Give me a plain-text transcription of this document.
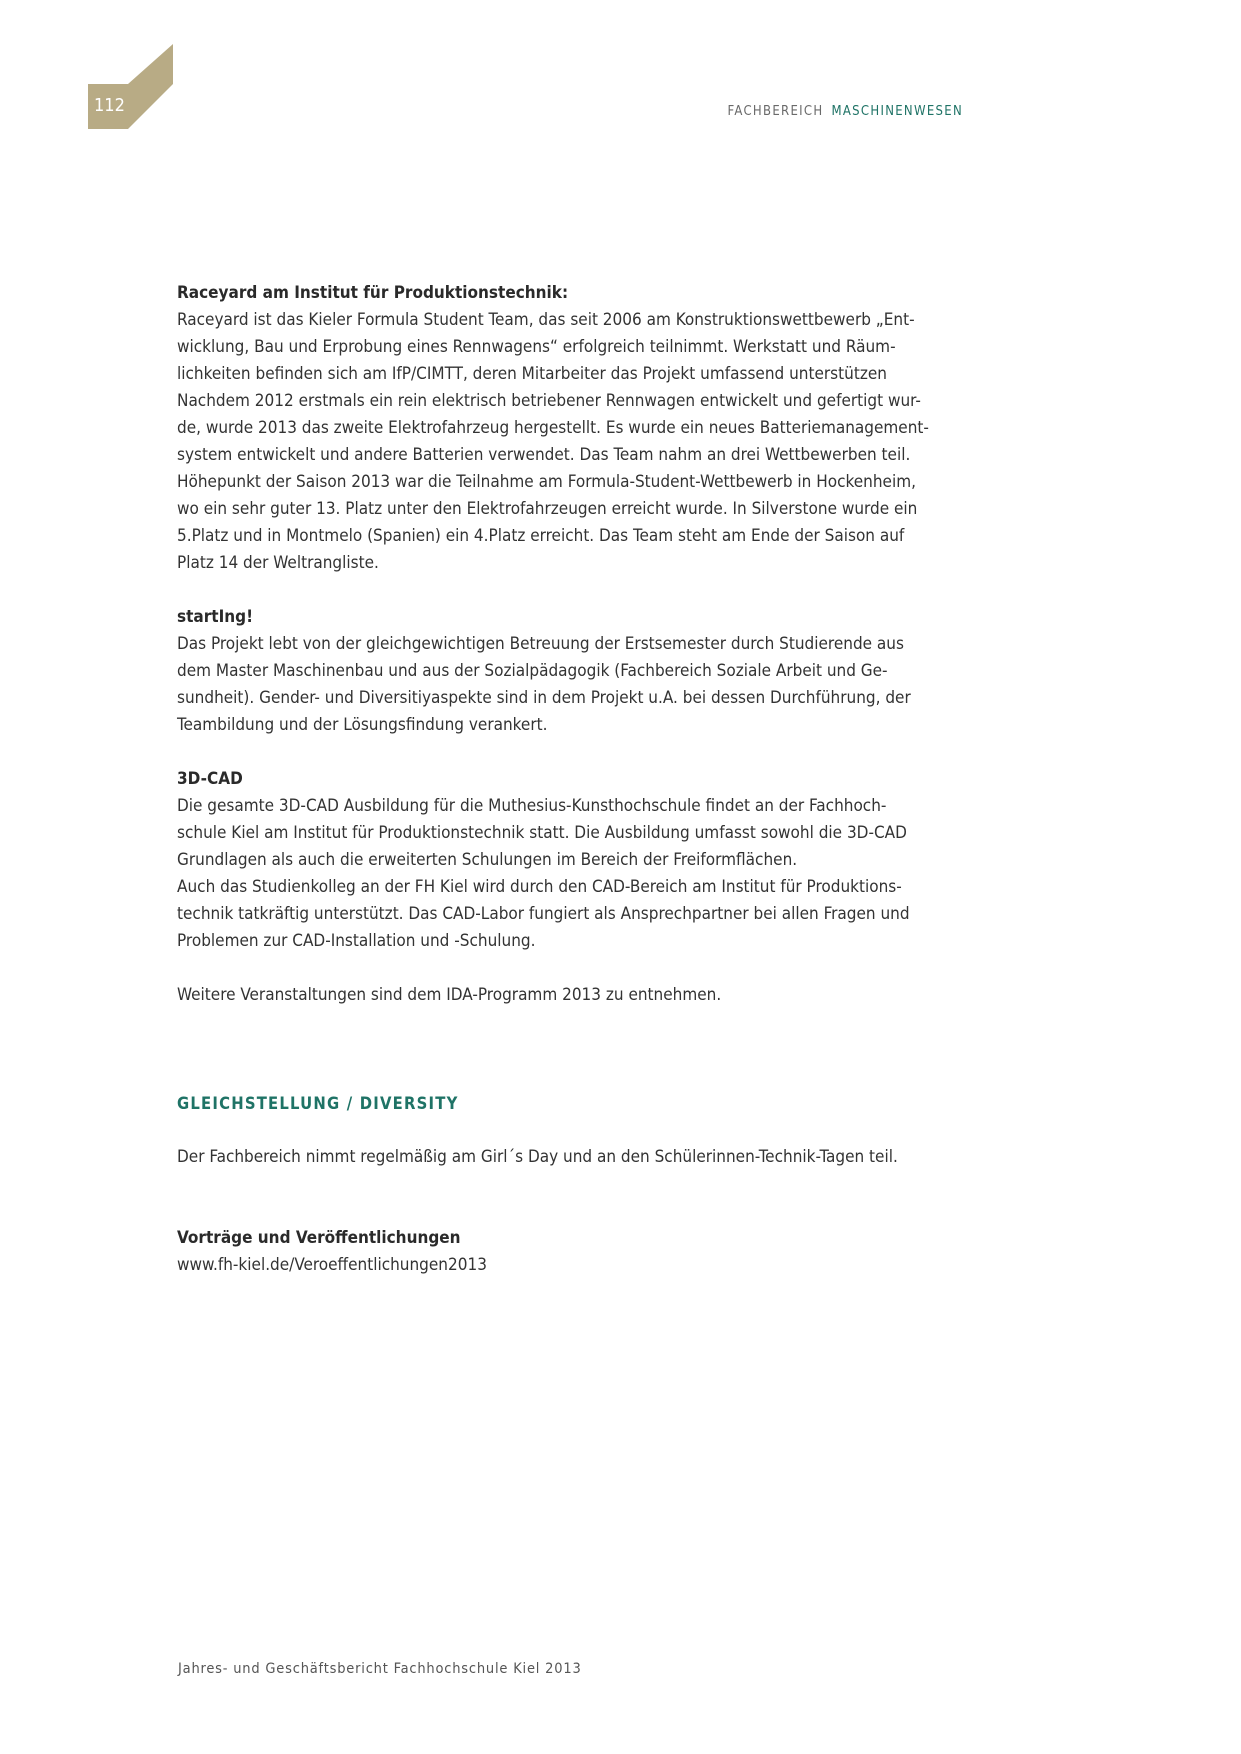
112	FACHBEREICH MASCHINENWESEN

Raceyard am Institut für Produktionstechnik:

Raceyard ist das Kieler Formula Student Team, das seit 2006 am Konstruktionswettbewerb „Ent-
wicklung, Bau und Erprobung eines Rennwagens“ erfolgreich teilnimmt. Werkstatt und Räum-
lichkeiten befinden sich am IfP/CIMTT, deren Mitarbeiter das Projekt umfassend unterstützen
Nachdem 2012 erstmals ein rein elektrisch betriebener Rennwagen entwickelt und gefertigt wur-
de, wurde 2013 das zweite Elektrofahrzeug hergestellt. Es wurde ein neues Batteriemanagement-
system entwickelt und andere Batterien verwendet. Das Team nahm an drei Wettbewerben teil.
Höhepunkt der Saison 2013 war die Teilnahme am Formula-Student-Wettbewerb in Hockenheim,
wo ein sehr guter 13. Platz unter den Elektrofahrzeugen erreicht wurde. In Silverstone wurde ein
5.Platz und in Montmelo (Spanien) ein 4.Platz erreicht. Das Team steht am Ende der Saison auf
Platz 14 der Weltrangliste.

startIng!

Das Projekt lebt von der gleichgewichtigen Betreuung der Erstsemester durch Studierende aus
dem Master Maschinenbau und aus der Sozialpädagogik (Fachbereich Soziale Arbeit und Ge-
sundheit). Gender- und Diversitiyaspekte sind in dem Projekt u.A. bei dessen Durchführung, der
Teambildung und der Lösungsfindung verankert.

3D-CAD

Die gesamte 3D-CAD Ausbildung für die Muthesius-Kunsthochschule findet an der Fachhoch-
schule Kiel am Institut für Produktionstechnik statt. Die Ausbildung umfasst sowohl die 3D-CAD
Grundlagen als auch die erweiterten Schulungen im Bereich der Freiformflächen.
Auch das Studienkolleg an der FH Kiel wird durch den CAD-Bereich am Institut für Produktions-
technik tatkräftig unterstützt. Das CAD-Labor fungiert als Ansprechpartner bei allen Fragen und
Problemen zur CAD-Installation und -Schulung.

Weitere Veranstaltungen sind dem IDA-Programm 2013 zu entnehmen.

GLEICHSTELLUNG / DIVERSITY

Der Fachbereich nimmt regelmäßig am Girl´s Day und an den Schülerinnen-Technik-Tagen teil.

Vorträge und Veröffentlichungen

www.fh-kiel.de/Veroeffentlichungen2013

Jahres- und Geschäftsbericht Fachhochschule Kiel 2013
